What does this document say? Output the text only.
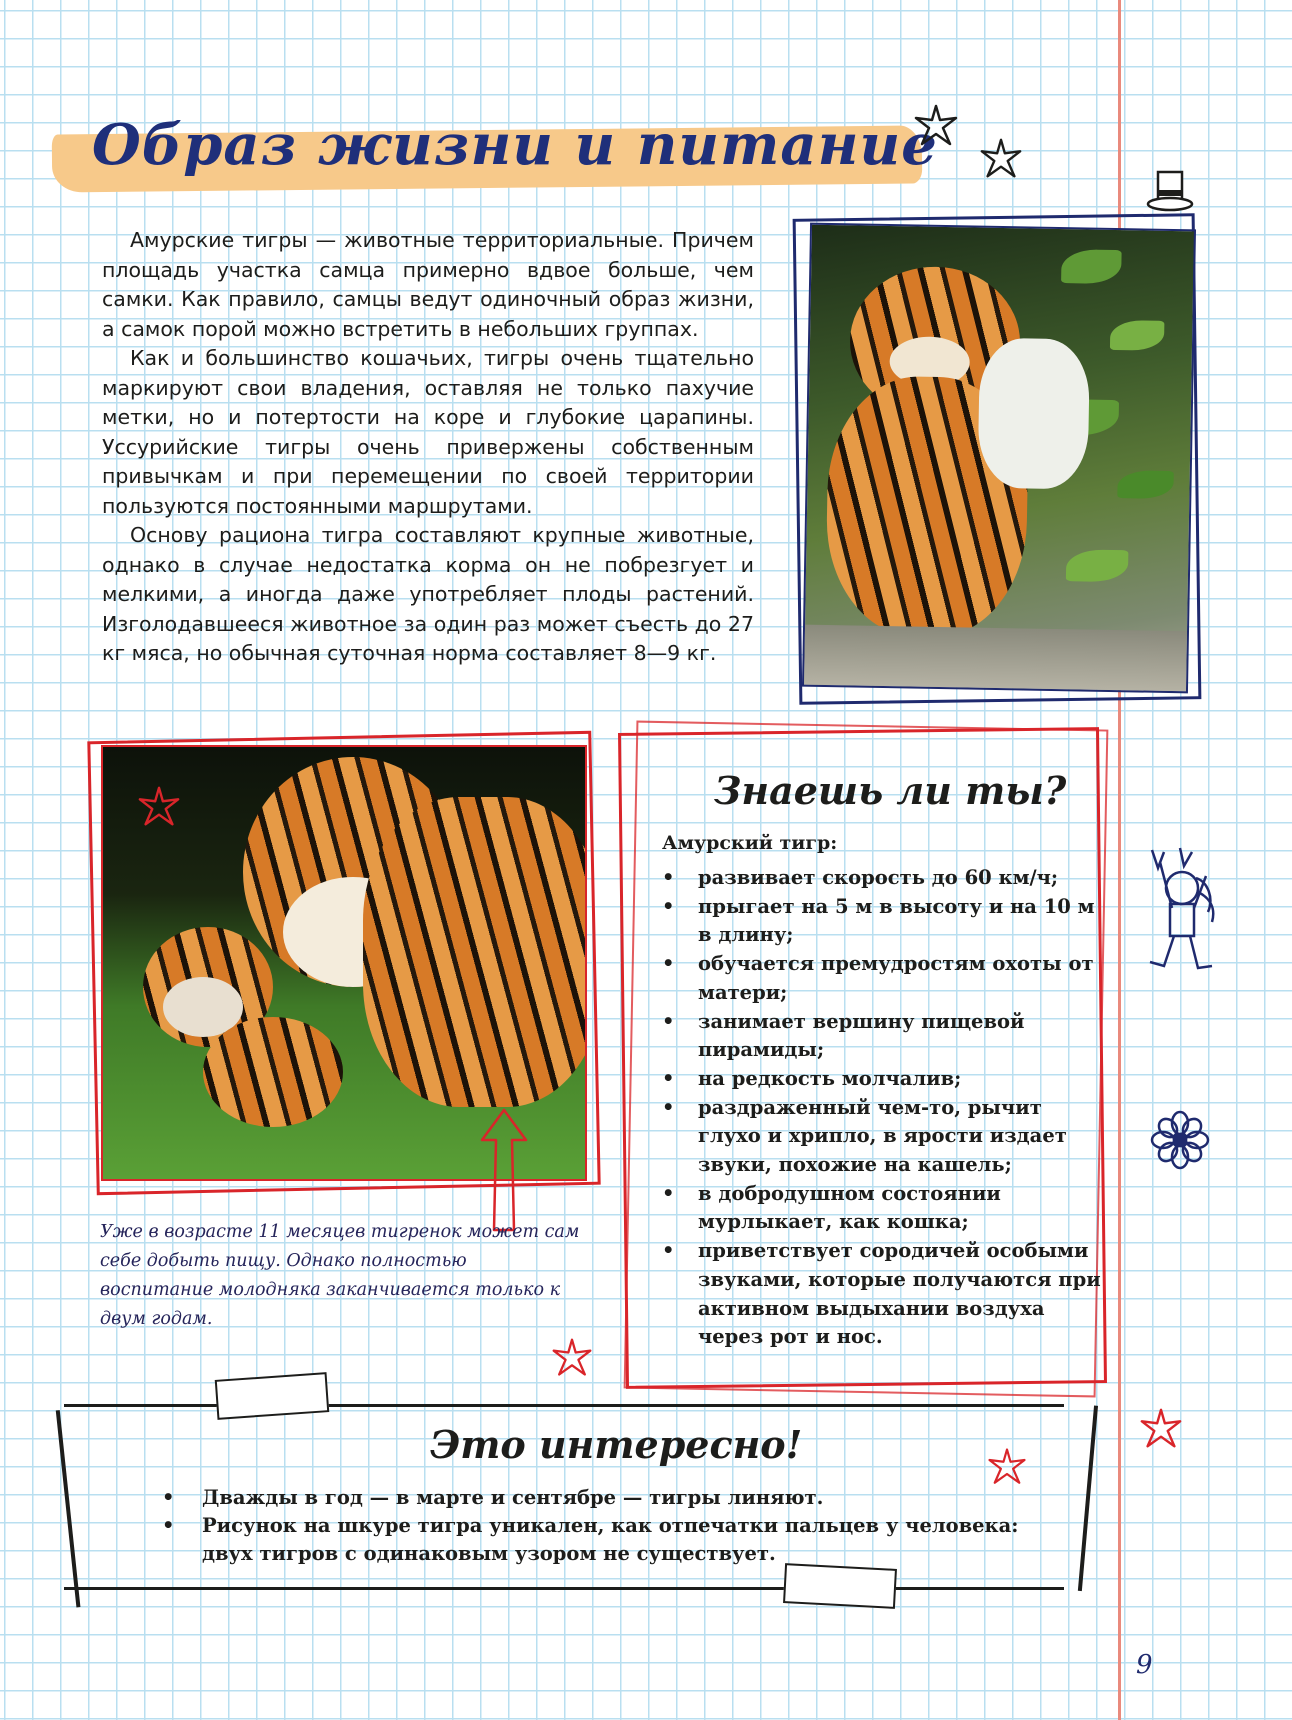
Образ жизни и питание

Амурские тигры — животные территориальные. Причем площадь участка самца примерно вдвое больше, чем самки. Как правило, самцы ведут одиночный образ жизни, а самок порой можно встретить в небольших группах.

Как и большинство кошачьих, тигры очень тщательно маркируют свои владения, оставляя не только пахучие метки, но и потертости на коре и глубокие царапины. Уссурийские тигры очень привержены собственным привычкам и при перемещении по своей территории пользуются постоянными маршрутами.

Основу рациона тигра составляют крупные животные, однако в случае недостатка корма он не побрезгует и мелкими, а иногда даже употребляет плоды растений. Изголодавшееся животное за один раз может съесть до 27 кг мяса, но обычная суточная норма составляет 8—9 кг.

Уже в возрасте 11 месяцев тигренок может сам себе добыть пищу. Однако полностью воспитание молодняка заканчивается только к двум годам.
Знаешь ли ты?

Амурский тигр:

• развивает скорость до 60 км/ч;
• прыгает на 5 м в высоту и на 10 м в длину;
• обучается премудростям охоты от матери;
• занимает вершину пищевой пирамиды;
• на редкость молчалив;
• раздраженный чем-то, рычит глухо и хрипло, в ярости издает звуки, похожие на кашель;
• в добродушном состоянии мурлыкает, как кошка;
• приветствует сородичей особыми звуками, которые получаются при активном выдыхании воздуха через рот и нос.
Это интересно!
• Дважды в год — в марте и сентябре — тигры линяют.
• Рисунок на шкуре тигра уникален, как отпечатки пальцев у человека: двух тигров с одинаковым узором не существует.
9
